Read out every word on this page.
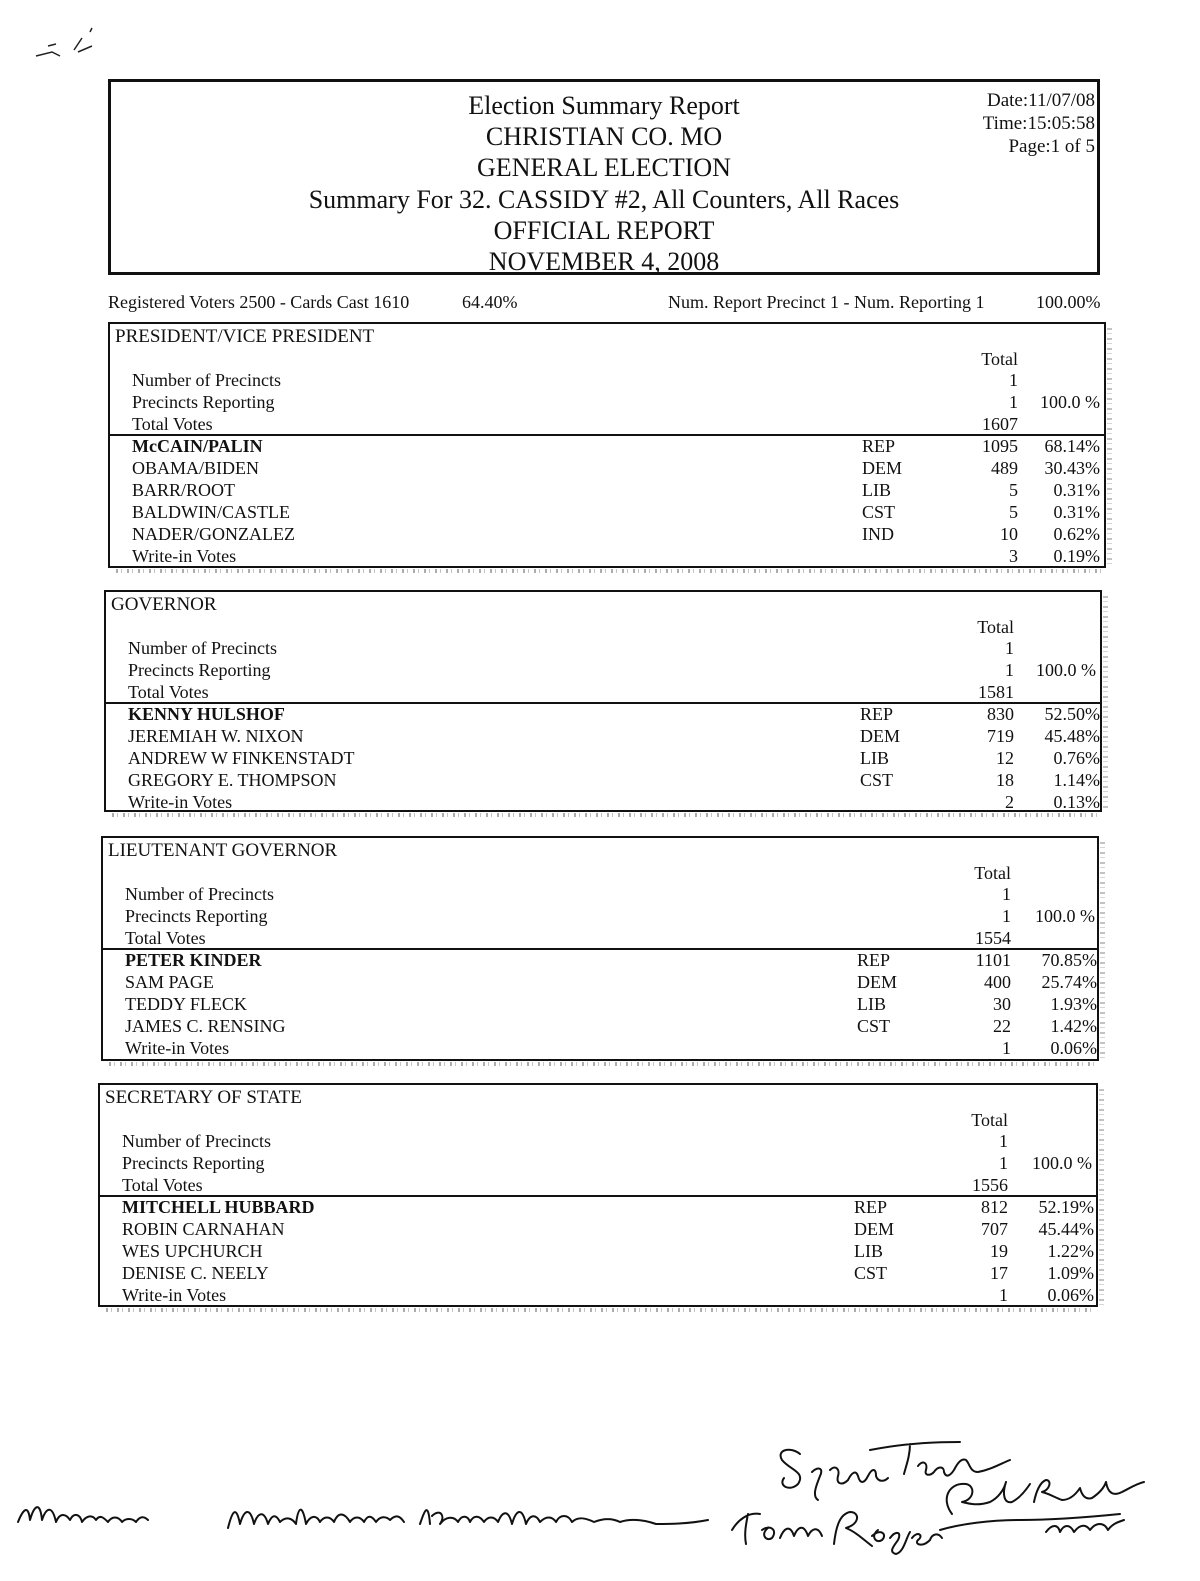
Election Summary Report
CHRISTIAN CO. MO
GENERAL ELECTION
Summary For 32. CASSIDY #2, All Counters, All Races
OFFICIAL REPORT
NOVEMBER 4, 2008
Date:11/07/08
Time:15:05:58
Page:1 of 5
Registered Voters 2500 - Cards Cast 1610	64.40%	Num. Report Precinct 1 - Num. Reporting 1	100.00%
PRESIDENT/VICE PRESIDENT
Total
Number of Precincts	1
Precincts Reporting	1	100.0 %
Total Votes	1607
McCAIN/PALIN	REP	1095	68.14%
OBAMA/BIDEN	DEM	489	30.43%
BARR/ROOT	LIB	5	0.31%
BALDWIN/CASTLE	CST	5	0.31%
NADER/GONZALEZ	IND	10	0.62%
Write-in Votes	3	0.19%
GOVERNOR
Total
Number of Precincts	1
Precincts Reporting	1	100.0 %
Total Votes	1581
KENNY HULSHOF	REP	830	52.50%
JEREMIAH W. NIXON	DEM	719	45.48%
ANDREW W FINKENSTADT	LIB	12	0.76%
GREGORY E. THOMPSON	CST	18	1.14%
Write-in Votes	2	0.13%
LIEUTENANT GOVERNOR
Total
Number of Precincts	1
Precincts Reporting	1	100.0 %
Total Votes	1554
PETER KINDER	REP	1101	70.85%
SAM PAGE	DEM	400	25.74%
TEDDY FLECK	LIB	30	1.93%
JAMES C. RENSING	CST	22	1.42%
Write-in Votes	1	0.06%
SECRETARY OF STATE
Total
Number of Precincts	1
Precincts Reporting	1	100.0 %
Total Votes	1556
MITCHELL HUBBARD	REP	812	52.19%
ROBIN CARNAHAN	DEM	707	45.44%
WES UPCHURCH	LIB	19	1.22%
DENISE C. NEELY	CST	17	1.09%
Write-in Votes	1	0.06%
